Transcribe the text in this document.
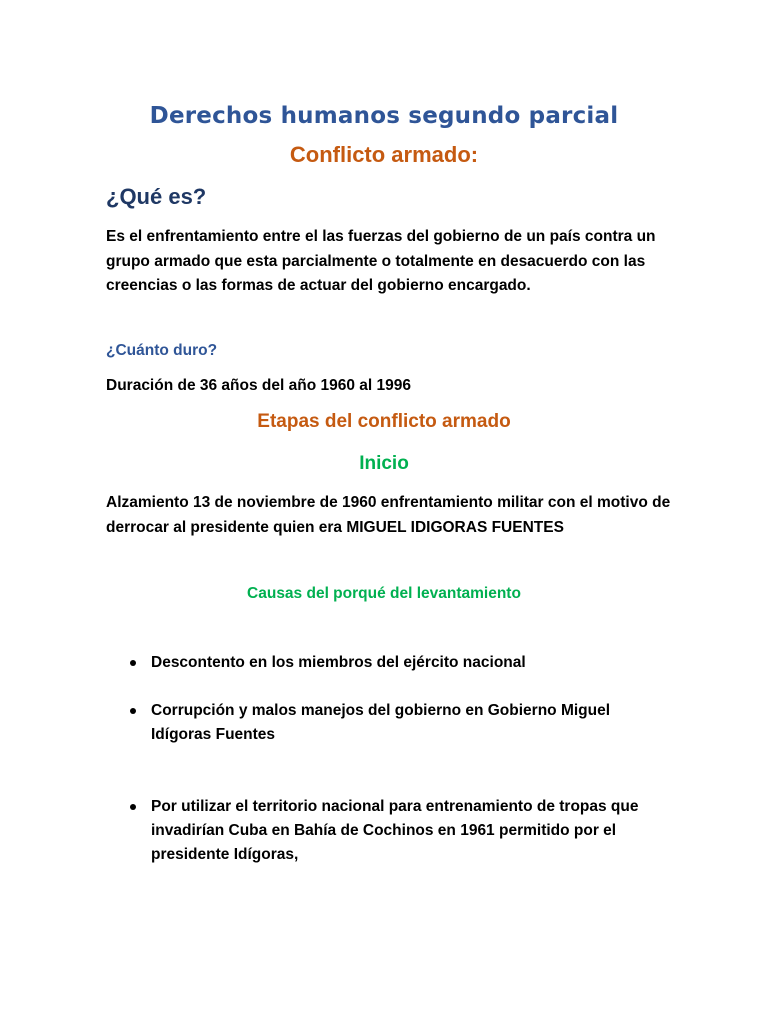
Derechos humanos segundo parcial
Conflicto armado:
¿Qué es?
Es el enfrentamiento entre el las fuerzas del gobierno de un país contra un grupo armado que esta parcialmente o totalmente en desacuerdo con las creencias o las formas de actuar del gobierno encargado.
¿Cuánto duro?
Duración de 36 años del año 1960 al 1996
Etapas del conflicto armado
Inicio
Alzamiento 13 de noviembre de 1960 enfrentamiento militar con el motivo de derrocar al presidente quien era MIGUEL IDIGORAS FUENTES
Causas del porqué del levantamiento
Descontento en los miembros del ejército nacional
Corrupción y malos manejos del gobierno en Gobierno Miguel Idígoras Fuentes
Por utilizar el territorio nacional para entrenamiento de tropas que invadirían Cuba en Bahía de Cochinos en 1961 permitido por el presidente Idígoras,
